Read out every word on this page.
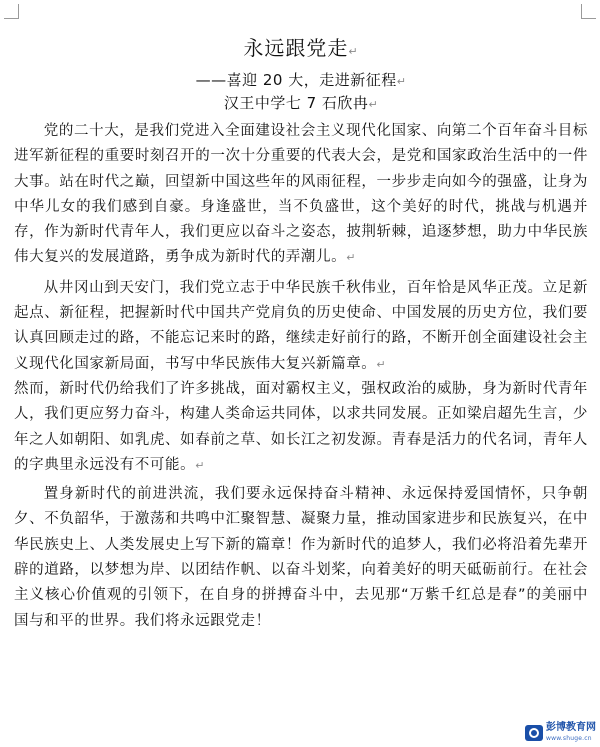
永远跟党走↵
——喜迎 20 大，走进新征程↵
汉王中学七 7 石欣冉↵

党的二十大，是我们党进入全面建设社会主义现代化国家、向第二个百年奋斗目标进军新征程的重要时刻召开的一次十分重要的代表大会，是党和国家政治生活中的一件大事。站在时代之巅，回望新中国这些年的风雨征程，一步步走向如今的强盛，让身为中华儿女的我们感到自豪。身逢盛世，当不负盛世，这个美好的时代，挑战与机遇并存，作为新时代青年人，我们更应以奋斗之姿态，披荆斩棘，追逐梦想，助力中华民族伟大复兴的发展道路，勇争成为新时代的弄潮儿。↵

从井冈山到天安门，我们党立志于中华民族千秋伟业，百年恰是风华正茂。立足新起点、新征程，把握新时代中国共产党肩负的历史使命、中国发展的历史方位，我们要认真回顾走过的路，不能忘记来时的路，继续走好前行的路，不断开创全面建设社会主义现代化国家新局面，书写中华民族伟大复兴新篇章。↵

然而，新时代仍给我们了许多挑战，面对霸权主义，强权政治的威胁，身为新时代青年人，我们更应努力奋斗，构建人类命运共同体，以求共同发展。正如梁启超先生言，少年之人如朝阳、如乳虎、如春前之草、如长江之初发源。青春是活力的代名词，青年人的字典里永远没有不可能。↵

置身新时代的前进洪流，我们要永远保持奋斗精神、永远保持爱国情怀，只争朝夕、不负韶华，于激荡和共鸣中汇聚智慧、凝聚力量，推动国家进步和民族复兴，在中华民族史上、人类发展史上写下新的篇章！作为新时代的追梦人，我们必将沿着先辈开辟的道路，以梦想为岸、以团结作帆、以奋斗划桨，向着美好的明天砥砺前行。在社会主义核心价值观的引领下，在自身的拼搏奋斗中，去见那“万紫千红总是春”的美丽中国与和平的世界。我们将永远跟党走！

彭博教育网
www.shuge.cn
